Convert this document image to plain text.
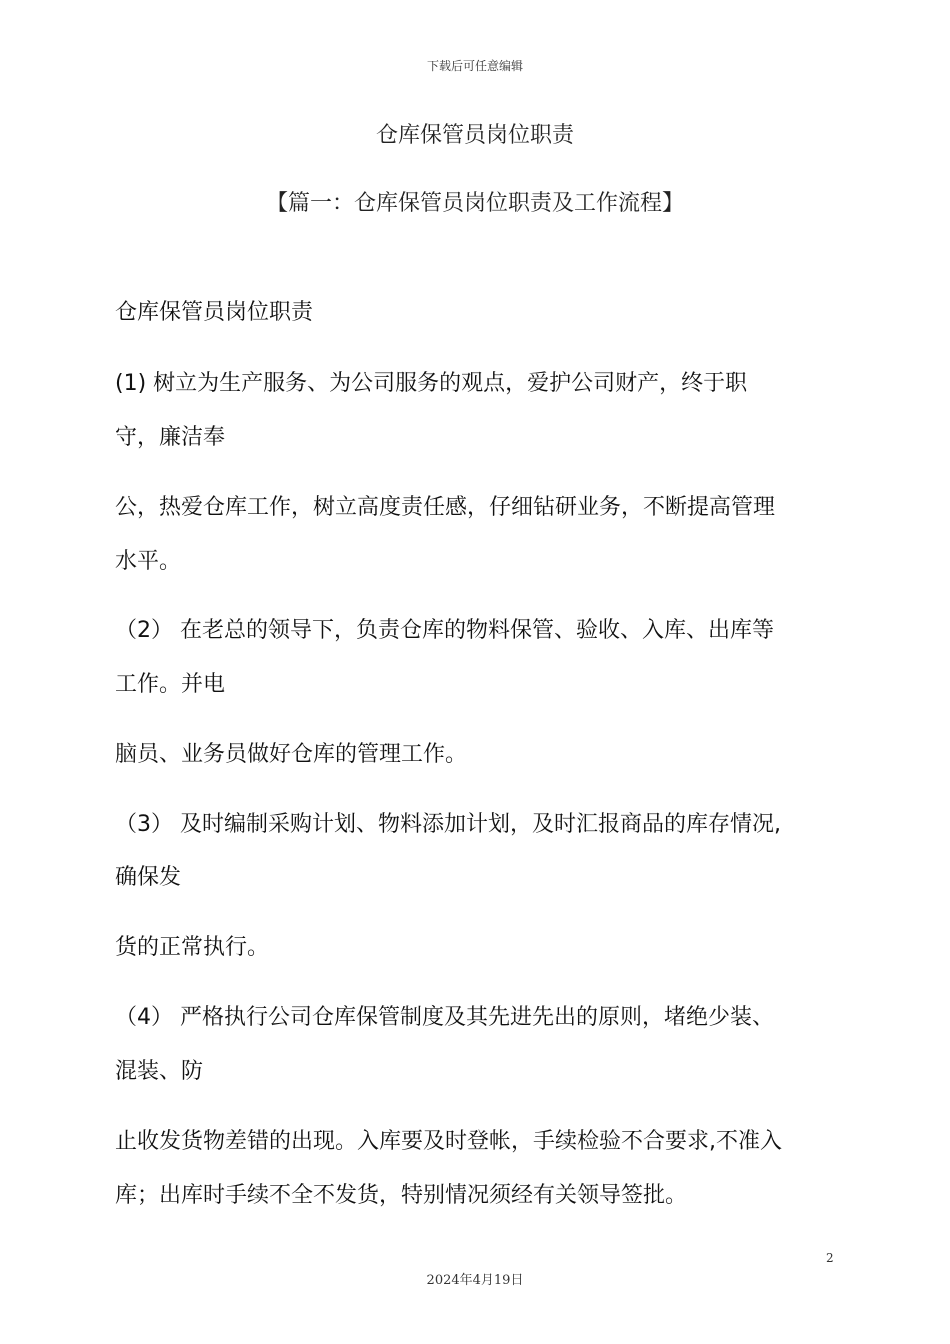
下载后可任意编辑
仓库保管员岗位职责
【篇一：仓库保管员岗位职责及工作流程】
仓库保管员岗位职责
(1) 树立为生产服务、为公司服务的观点，爱护公司财产，终于职
守，廉洁奉
公，热爱仓库工作，树立高度责任感，仔细钻研业务，不断提高管理
水平。
（2） 在老总的领导下，负责仓库的物料保管、验收、入库、出库等
工作。并电
脑员、业务员做好仓库的管理工作。
（3） 及时编制采购计划、物料添加计划，及时汇报商品的库存情况,
确保发
货的正常执行。
（4） 严格执行公司仓库保管制度及其先进先出的原则，堵绝少装、
混装、防
止收发货物差错的出现。入库要及时登帐，手续检验不合要求,不准入
库；出库时手续不全不发货，特别情况须经有关领导签批。
2
2024年4月19日
